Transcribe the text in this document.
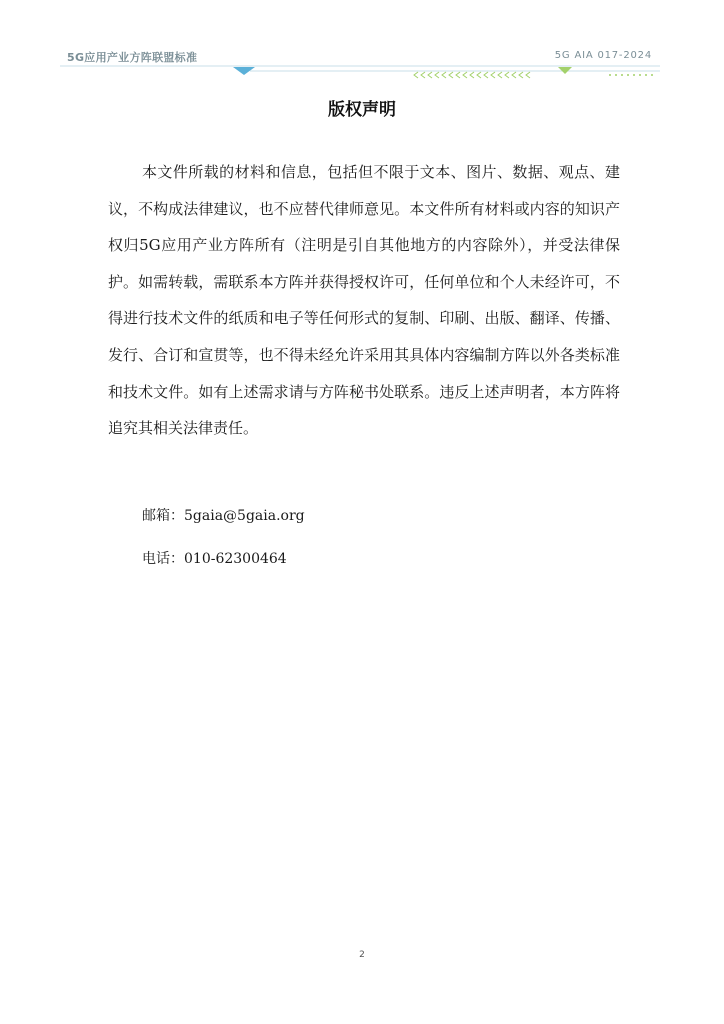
5G应用产业方阵联盟标准	5G AIA 017-2024
版权声明

本文件所载的材料和信息，包括但不限于文本、图片、数据、观点、建议，不构成法律建议，也不应替代律师意见。本文件所有材料或内容的知识产权归5G应用产业方阵所有（注明是引自其他地方的内容除外），并受法律保护。如需转载，需联系本方阵并获得授权许可，任何单位和个人未经许可，不得进行技术文件的纸质和电子等任何形式的复制、印刷、出版、翻译、传播、发行、合订和宣贯等，也不得未经允许采用其具体内容编制方阵以外各类标准和技术文件。如有上述需求请与方阵秘书处联系。违反上述声明者，本方阵将追究其相关法律责任。

邮箱：5gaia@5gaia.org

电话：010-62300464

2
